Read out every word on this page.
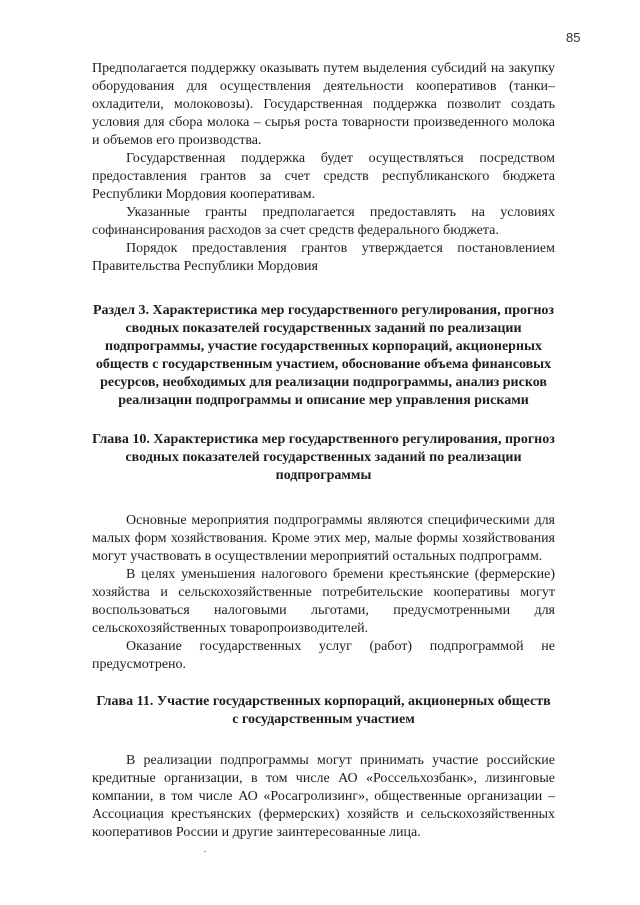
85

Предполагается поддержку оказывать путем выделения субсидий на закупку оборудования для осуществления деятельности кооперативов (танки–охладители, молоковозы). Государственная поддержка позволит создать условия для сбора молока – сырья роста товарности произведенного молока и объемов его производства.

Государственная поддержка будет осуществляться посредством предоставления грантов за счет средств республиканского бюджета Республики Мордовия кооперативам.

Указанные гранты предполагается предоставлять на условиях софинансирования расходов за счет средств федерального бюджета.

Порядок предоставления грантов утверждается постановлением Правительства Республики Мордовия

Раздел 3. Характеристика мер государственного регулирования, прогноз сводных показателей государственных заданий по реализации подпрограммы, участие государственных корпораций, акционерных обществ с государственным участием, обоснование объема финансовых ресурсов, необходимых для реализации подпрограммы, анализ рисков реализации подпрограммы и описание мер управления рисками
Глава 10. Характеристика мер государственного регулирования, прогноз сводных показателей государственных заданий по реализации подпрограммы

Основные мероприятия подпрограммы являются специфическими для малых форм хозяйствования. Кроме этих мер, малые формы хозяйствования могут участвовать в осуществлении мероприятий остальных подпрограмм.

В целях уменьшения налогового бремени крестьянские (фермерские) хозяйства и сельскохозяйственные потребительские кооперативы могут воспользоваться налоговыми льготами, предусмотренными для сельскохозяйственных товаропроизводителей.

Оказание государственных услуг (работ) подпрограммой не предусмотрено.

Глава 11. Участие государственных корпораций, акционерных обществ с государственным участием

В реализации подпрограммы могут принимать участие российские кредитные организации, в том числе АО «Россельхозбанк», лизинговые компании, в том числе АО «Росагролизинг», общественные организации – Ассоциация крестьянских (фермерских) хозяйств и сельскохозяйственных кооперативов России и другие заинтересованные лица.
